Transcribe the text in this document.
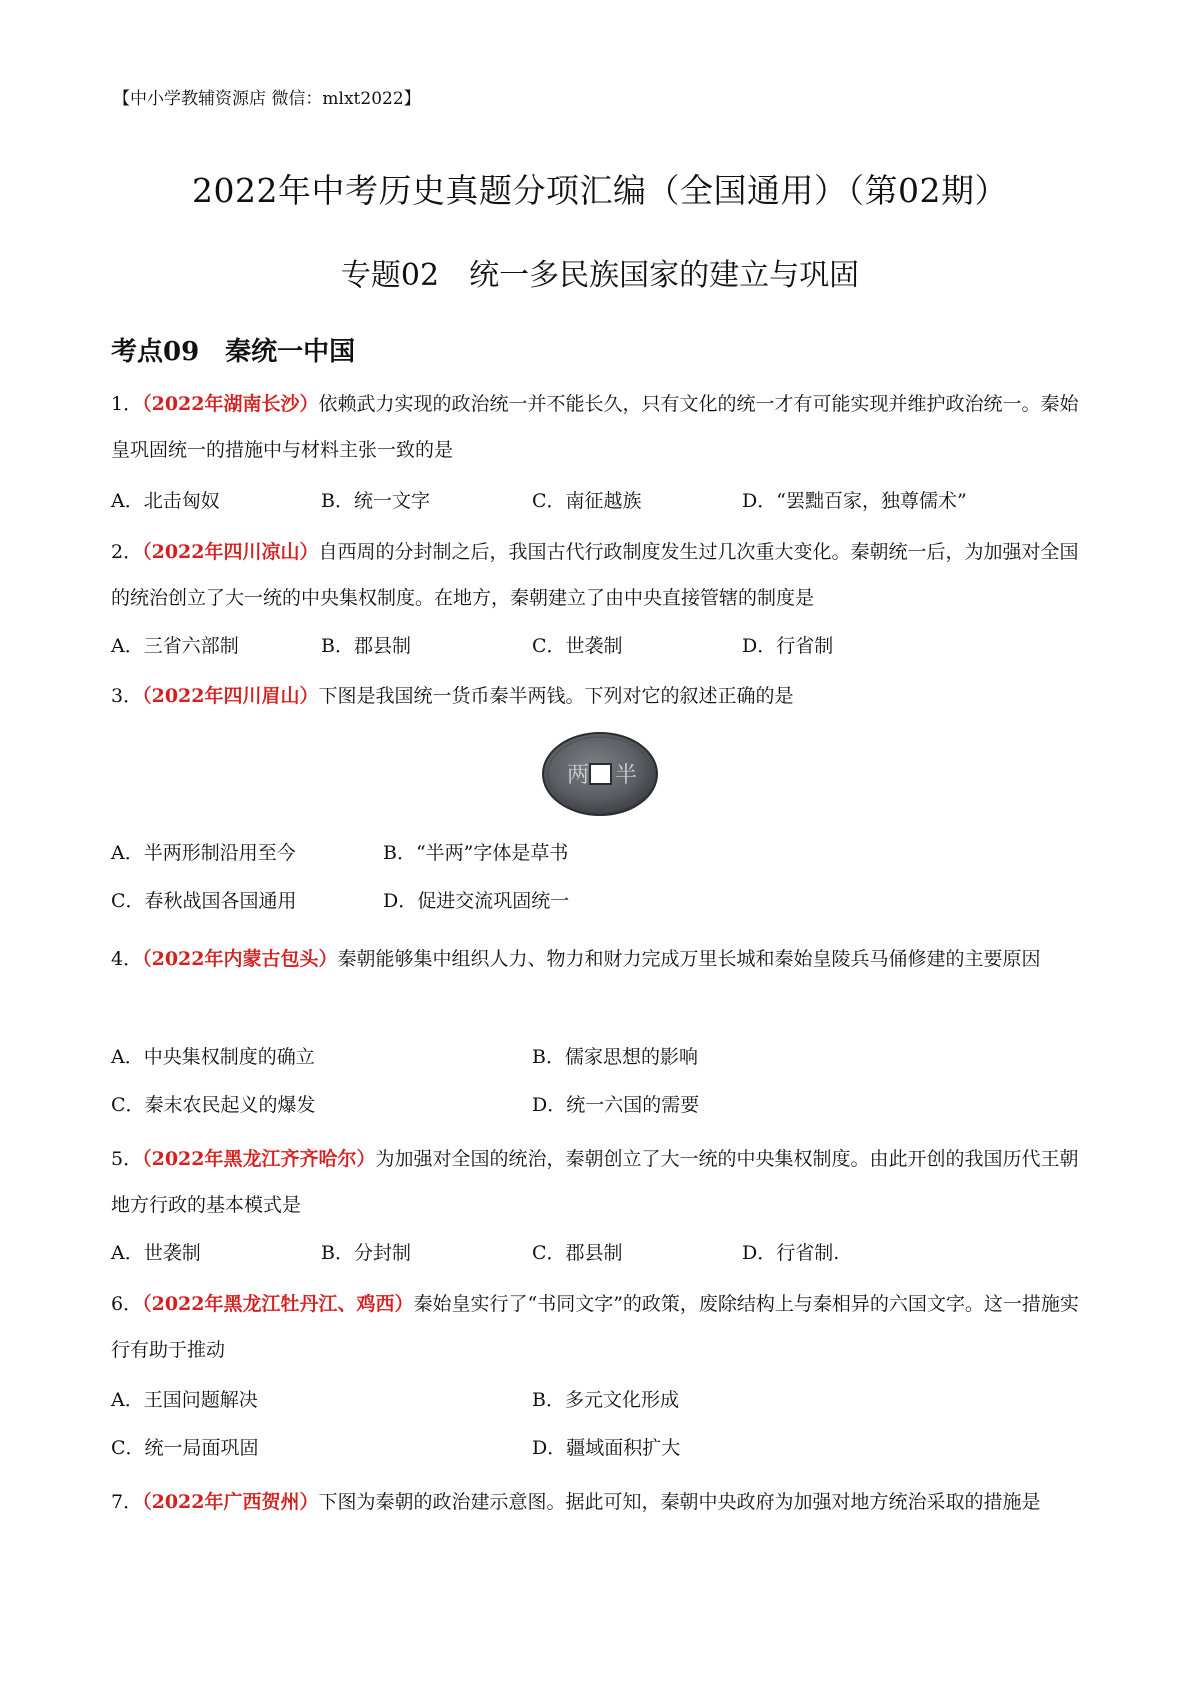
【中小学教辅资源店 微信：mlxt2022】
2022年中考历史真题分项汇编（全国通用）（第02期）
专题02　统一多民族国家的建立与巩固
考点09　秦统一中国

1．（2022年湖南长沙）依赖武力实现的政治统一并不能长久，只有文化的统一才有可能实现并维护政治统一。秦始皇巩固统一的措施中与材料主张一致的是

A．北击匈奴	B．统一文字	C．南征越族	D．“罢黜百家，独尊儒术”

2．（2022年四川凉山）自西周的分封制之后，我国古代行政制度发生过几次重大变化。秦朝统一后，为加强对全国的统治创立了大一统的中央集权制度。在地方，秦朝建立了由中央直接管辖的制度是

A．三省六部制	B．郡县制	C．世袭制	D．行省制

3．（2022年四川眉山）下图是我国统一货币秦半两钱。下列对它的叙述正确的是

两 半
A．半两形制沿用至今	B．“半两”字体是草书
C．春秋战国各国通用	D．促进交流巩固统一

4．（2022年内蒙古包头）秦朝能够集中组织人力、物力和财力完成万里长城和秦始皇陵兵马俑修建的主要原因

A．中央集权制度的确立	B．儒家思想的影响
C．秦末农民起义的爆发	D．统一六国的需要

5．（2022年黑龙江齐齐哈尔）为加强对全国的统治，秦朝创立了大一统的中央集权制度。由此开创的我国历代王朝地方行政的基本模式是

A．世袭制	B．分封制	C．郡县制	D．行省制.

6．（2022年黑龙江牡丹江、鸡西）秦始皇实行了“书同文字”的政策，废除结构上与秦相异的六国文字。这一措施实行有助于推动

A．王国问题解决	B．多元文化形成
C．统一局面巩固	D．疆域面积扩大

7．（2022年广西贺州）下图为秦朝的政治建示意图。据此可知，秦朝中央政府为加强对地方统治采取的措施是
